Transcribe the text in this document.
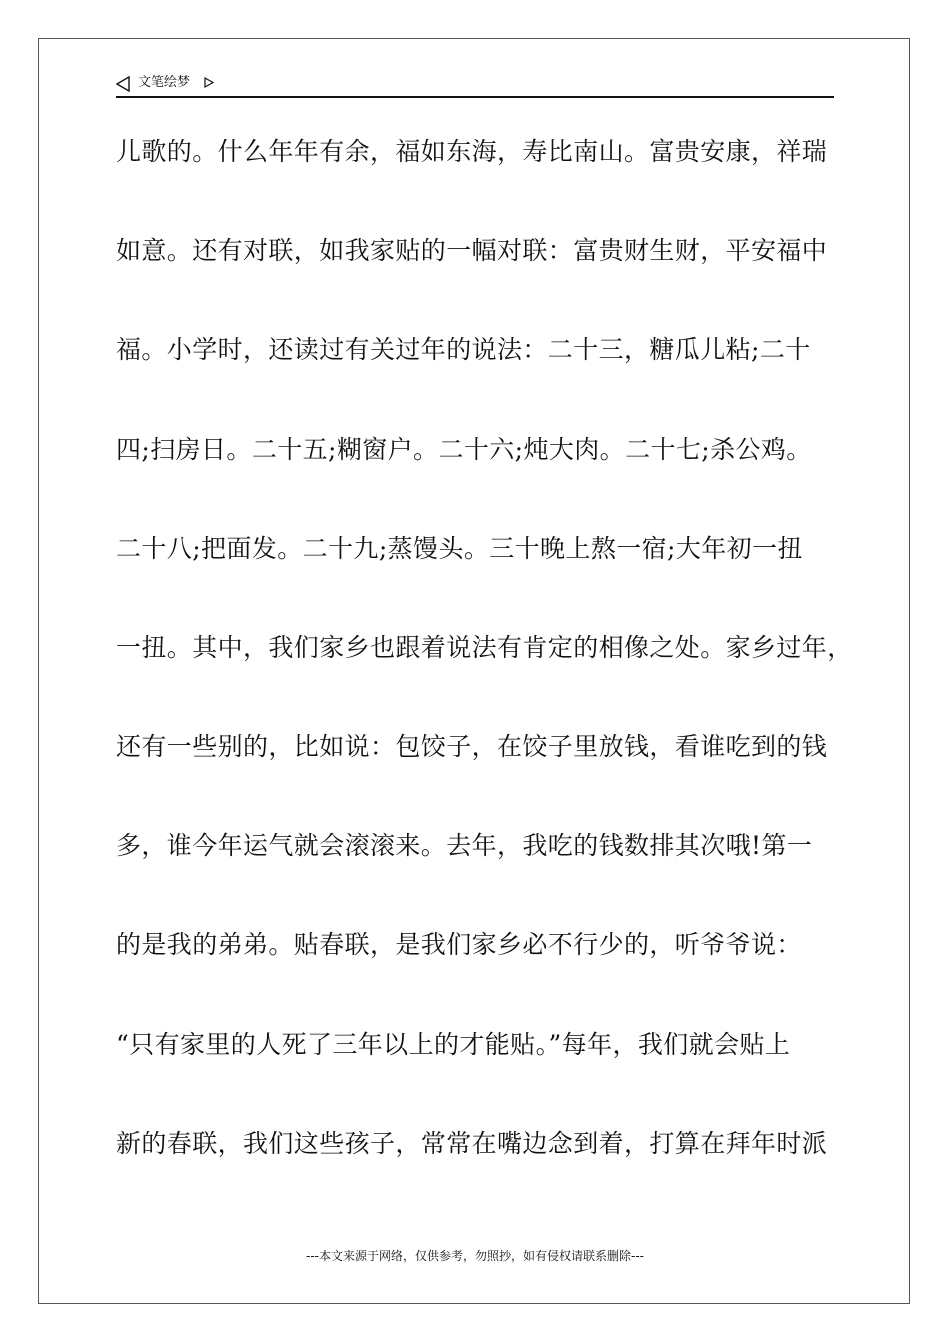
文笔绘梦
儿歌的。什么年年有余，福如东海，寿比南山。富贵安康，祥瑞
如意。还有对联，如我家贴的一幅对联：富贵财生财，平安福中
福。小学时，还读过有关过年的说法：二十三，糖瓜儿粘;二十
四;扫房日。二十五;糊窗户。二十六;炖大肉。二十七;杀公鸡。
二十八;把面发。二十九;蒸馒头。三十晚上熬一宿;大年初一扭
一扭。其中，我们家乡也跟着说法有肯定的相像之处。家乡过年，
还有一些别的，比如说：包饺子，在饺子里放钱，看谁吃到的钱
多，谁今年运气就会滚滚来。去年，我吃的钱数排其次哦!第一
的是我的弟弟。贴春联，是我们家乡必不行少的，听爷爷说：
“只有家里的人死了三年以上的才能贴。”每年，我们就会贴上
新的春联，我们这些孩子，常常在嘴边念到着，打算在拜年时派
---本文来源于网络，仅供参考，勿照抄，如有侵权请联系删除---
